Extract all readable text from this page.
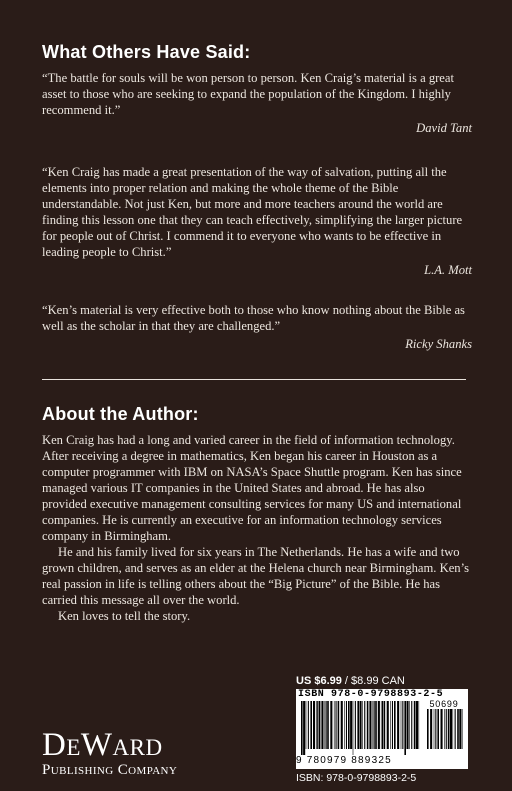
What Others Have Said:

“The battle for souls will be won person to person. Ken Craig’s material is a great asset to those who are seeking to expand the population of the Kingdom. I highly recommend it.”

David Tant

“Ken Craig has made a great presentation of the way of salvation, putting all the elements into proper relation and making the whole theme of the Bible understandable. Not just Ken, but more and more teachers around the world are finding this lesson one that they can teach effectively, simplifying the larger picture for people out of Christ. I commend it to everyone who wants to be effective in leading people to Christ.”

L.A. Mott

“Ken’s material is very effective both to those who know nothing about the Bible as well as the scholar in that they are challenged.”

Ricky Shanks
About the Author:

Ken Craig has had a long and varied career in the field of information technology. After receiving a degree in mathematics, Ken began his career in Houston as a computer programmer with IBM on NASA’s Space Shuttle program. Ken has since managed various IT companies in the United States and abroad. He has also provided executive management consulting services for many US and international companies. He is currently an executive for an information technology services company in Birmingham.

He and his family lived for six years in The Netherlands. He has a wife and two grown children, and serves as an elder at the Helena church near Birmingham. Ken’s real passion in life is telling others about the “Big Picture” of the Bible. He has carried this message all over the world.

Ken loves to tell the story.

DeWard
Publishing Company
US $6.99 / $8.99 CAN
ISBN 978-0-9798893-2-5
50699
9 780979 889325
ISBN: 978-0-9798893-2-5
